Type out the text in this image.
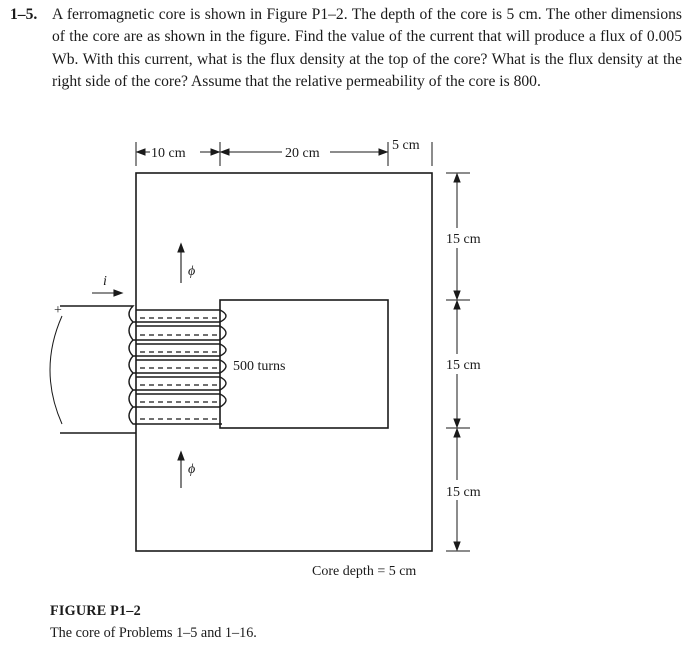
1–5. A ferromagnetic core is shown in Figure P1–2. The depth of the core is 5 cm. The other dimensions of the core are as shown in the figure. Find the value of the current that will produce a flux of 0.005 Wb. With this current, what is the flux density at the top of the core? What is the flux density at the right side of the core? Assume that the relative permeability of the core is 800.
10 cm	20 cm
5 cm
15 cm
15 cm
15 cm
+
i
ϕ
ϕ
500 turns
Core depth = 5 cm
FIGURE P1–2
The core of Problems 1–5 and 1–16.
